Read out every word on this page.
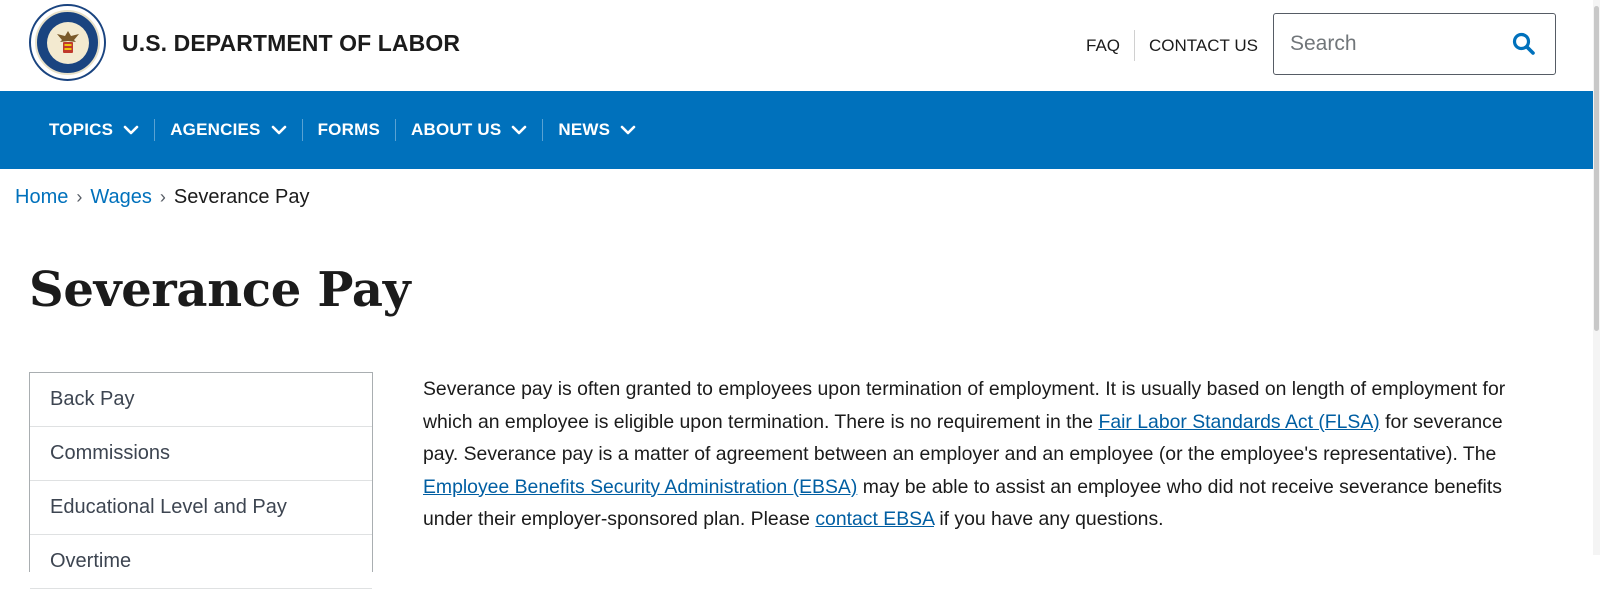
U.S. DEPARTMENT OF LABOR	FAQ	CONTACT US
Search
TOPICS	AGENCIES	FORMS ABOUT US	NEWS
Home › Wages › Severance Pay
Severance Pay
Back Pay
Commissions
Educational Level and Pay
Overtime

Severance pay is often granted to employees upon termination of employment. It is usually based on length of employment for which an employee is eligible upon termination. There is no requirement in the Fair Labor Standards Act (FLSA) for severance pay. Severance pay is a matter of agreement between an employer and an employee (or the employee's representative). The Employee Benefits Security Administration (EBSA) may be able to assist an employee who did not receive severance benefits under their employer-sponsored plan. Please contact EBSA if you have any questions.
